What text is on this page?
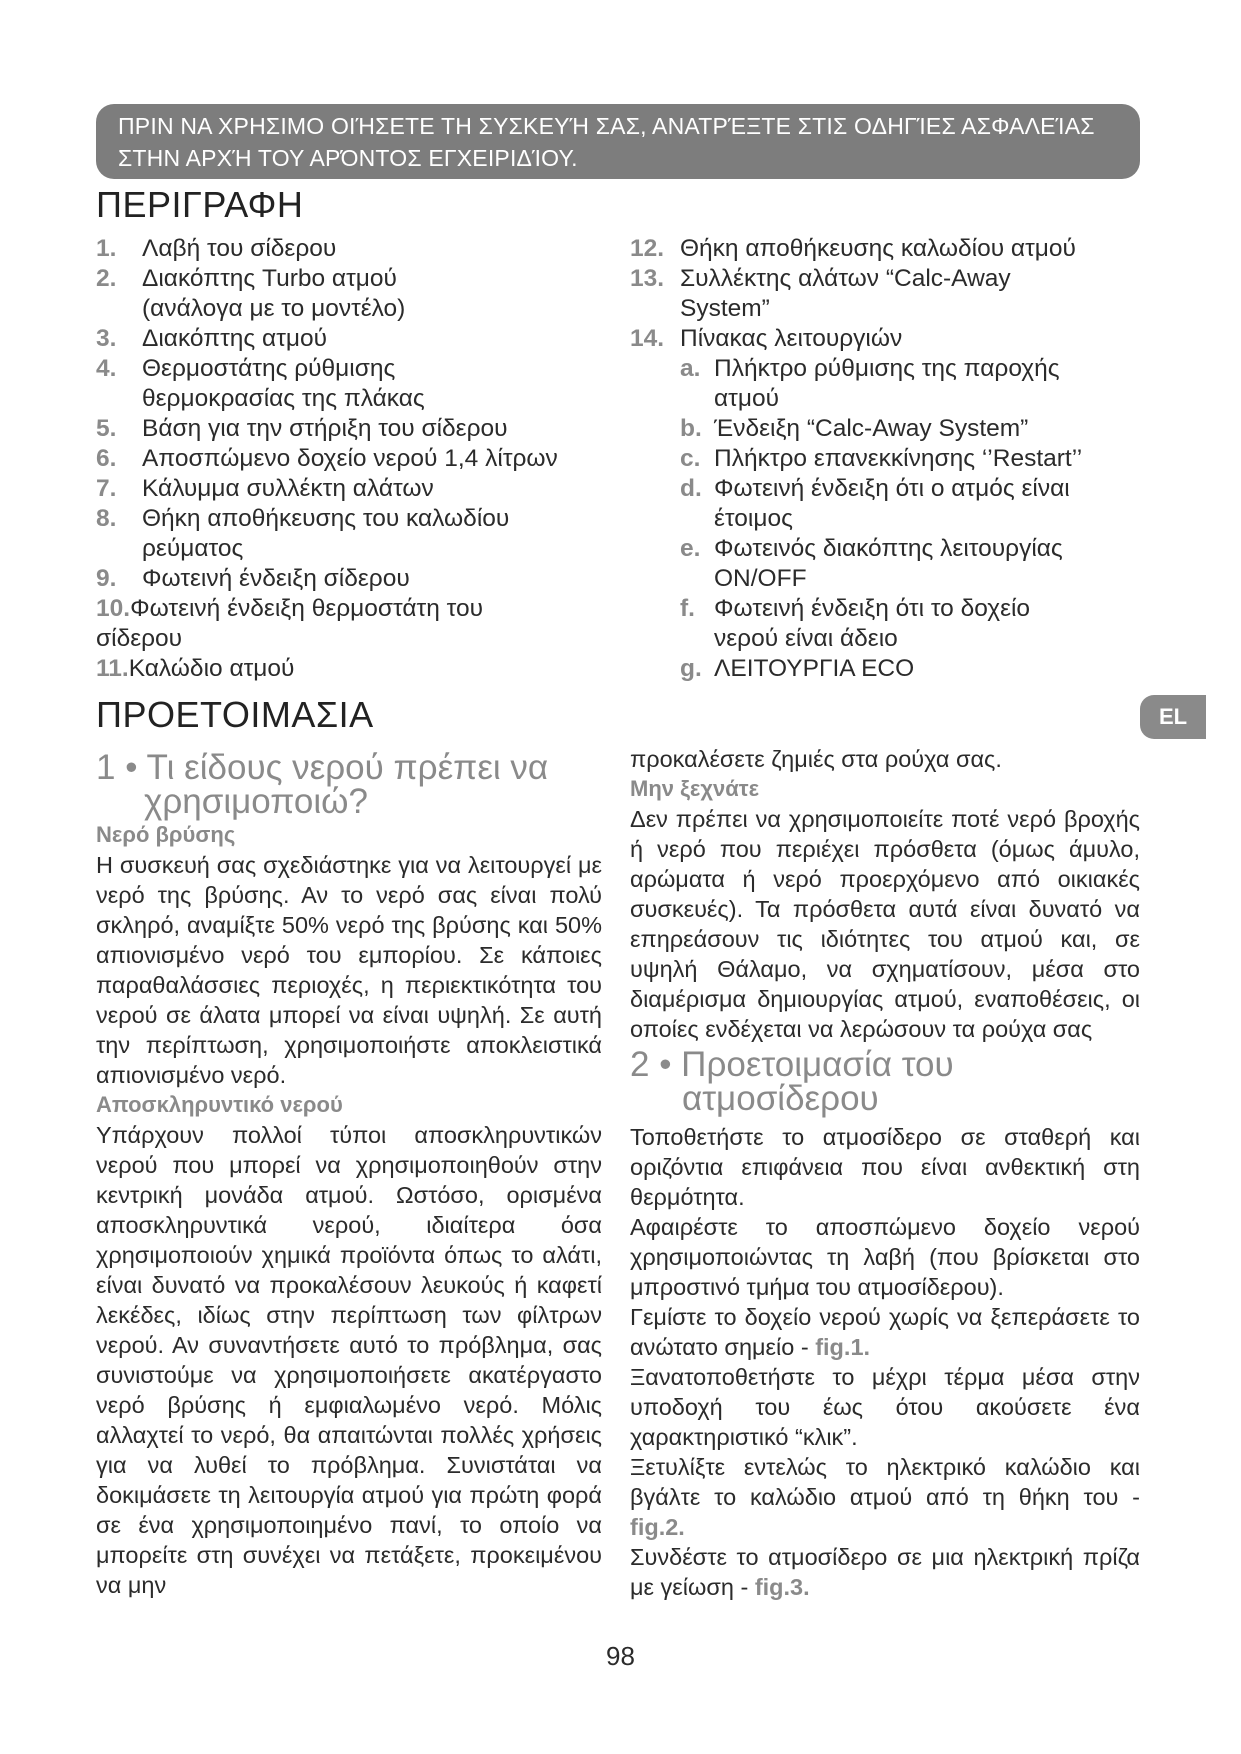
ΠΡΙΝ ΝΑ ΧΡΗΣΙΜΟ ΟΙΉΣΕΤΕ ΤΗ ΣΥΣΚΕΥΉ ΣΑΣ, ΑΝΑΤΡΈΞΤΕ ΣΤΙΣ ΟΔΗΓΊΕΣ ΑΣΦΑΛΕΊΑΣ
ΣΤΗΝ ΑΡΧΉ ΤΟΥ ΑΡΌΝΤΟΣ ΕΓΧΕΙΡΙΔΊΟΥ.
ΠΕΡΙΓΡΑΦΗ
1.	Λαβή του σίδερου
2.	Διακόπτης Turbo ατμού (ανάλογα με το μοντέλο)
3.	Διακόπτης ατμού
4.	Θερμοστάτης ρύθμισης θερμοκρασίας της πλάκας
5.	Βάση για την στήριξη του σίδερου
6.	Αποσπώμενο δοχείο νερού 1,4 λίτρων
7.	Κάλυμμα συλλέκτη αλάτων
8.	Θήκη αποθήκευσης του καλωδίου ρεύματος
9.	Φωτεινή ένδειξη σίδερου
10.Φωτεινή ένδειξη θερμοστάτη του σίδερου
11.Καλώδιο ατμού
12. Θήκη αποθήκευσης καλωδίου ατμού
13. Συλλέκτης αλάτων “Calc-Away System”
14. Πίνακας λειτουργιών
a. Πλήκτρο ρύθμισης της παροχής ατμού
b. Ένδειξη “Calc-Away System”
c. Πλήκτρο επανεκκίνησης ‘’Restart’’
d. Φωτεινή ένδειξη ότι ο ατμός είναι έτοιμος
e. Φωτεινός διακόπτης λειτουργίας ON/OFF
f. Φωτεινή ένδειξη ότι το δοχείο νερού είναι άδειο
g. ΛΕΙΤΟΥΡΓΙΑ ECO
ΠΡΟΕΤΟΙΜΑΣΙΑ	EL
1 • Τι είδους νερού πρέπει να
χρησιμοποιώ?
Νερό βρύσης

Η συσκευή σας σχεδιάστηκε για να λειτουργεί με νερό της βρύσης. Αν το νερό σας είναι πολύ σκληρό, αναμίξτε 50% νερό της βρύσης και 50% απιονισμένο νερό του εμπορίου. Σε κάποιες παραθαλάσσιες περιοχές, η περιεκτικότητα του νερού σε άλατα μπορεί να είναι υψηλή. Σε αυτή την περίπτωση, χρησιμοποιήστε αποκλειστικά απιονισμένο νερό.

Αποσκληρυντικό νερού

Υπάρχουν πολλοί τύποι αποσκληρυντικών νερού που μπορεί να χρησιμοποιηθούν στην κεντρική μονάδα ατμού. Ωστόσο, ορισμένα αποσκληρυντικά νερού, ιδιαίτερα όσα χρησιμοποιούν χημικά προϊόντα όπως το αλάτι, είναι δυνατό να προκαλέσουν λευκούς ή καφετί λεκέδες, ιδίως στην περίπτωση των φίλτρων νερού. Αν συναντήσετε αυτό το πρόβλημα, σας συνιστούμε να χρησιμοποιήσετε ακατέργαστο νερό βρύσης ή εμφιαλωμένο νερό. Μόλις αλλαχτεί το νερό, θα απαιτώνται πολλές χρήσεις για να λυθεί το πρόβλημα. Συνιστάται να δοκιμάσετε τη λειτουργία ατμού για πρώτη φορά σε ένα χρησιμοποιημένο πανί, το οποίο να μπορείτε στη συνέχει να πετάξετε, προκειμένου να μην

προκαλέσετε ζημιές στα ρούχα σας.

Μην ξεχνάτε

Δεν πρέπει να χρησιμοποιείτε ποτέ νερό βροχής ή νερό που περιέχει πρόσθετα (όμως άμυλο, αρώματα ή νερό προερχόμενο από οικιακές συσκευές). Τα πρόσθετα αυτά είναι δυνατό να επηρεάσουν τις ιδιότητες του ατμού και, σε υψηλή Θάλαμο, να σχηματίσουν, μέσα στο διαμέρισμα δημιουργίας ατμού, εναποθέσεις, οι οποίες ενδέχεται να λερώσουν τα ρούχα σας

2 • Προετοιμασία του
ατμοσίδερου

Τοποθετήστε το ατμοσίδερο σε σταθερή και οριζόντια επιφάνεια που είναι ανθεκτική στη θερμότητα.

Αφαιρέστε το αποσπώμενο δοχείο νερού χρησιμοποιώντας τη λαβή (που βρίσκεται στο μπροστινό τμήμα του ατμοσίδερου).

Γεμίστε το δοχείο νερού χωρίς να ξεπεράσετε το ανώτατο σημείο - fig.1.

Ξανατοποθετήστε το μέχρι τέρμα μέσα στην υποδοχή του έως ότου ακούσετε ένα χαρακτηριστικό “κλικ”.

Ξετυλίξτε εντελώς το ηλεκτρικό καλώδιο και βγάλτε το καλώδιο ατμού από τη θήκη του - fig.2.

Συνδέστε το ατμοσίδερο σε μια ηλεκτρική πρίζα με γείωση - fig.3.

98
